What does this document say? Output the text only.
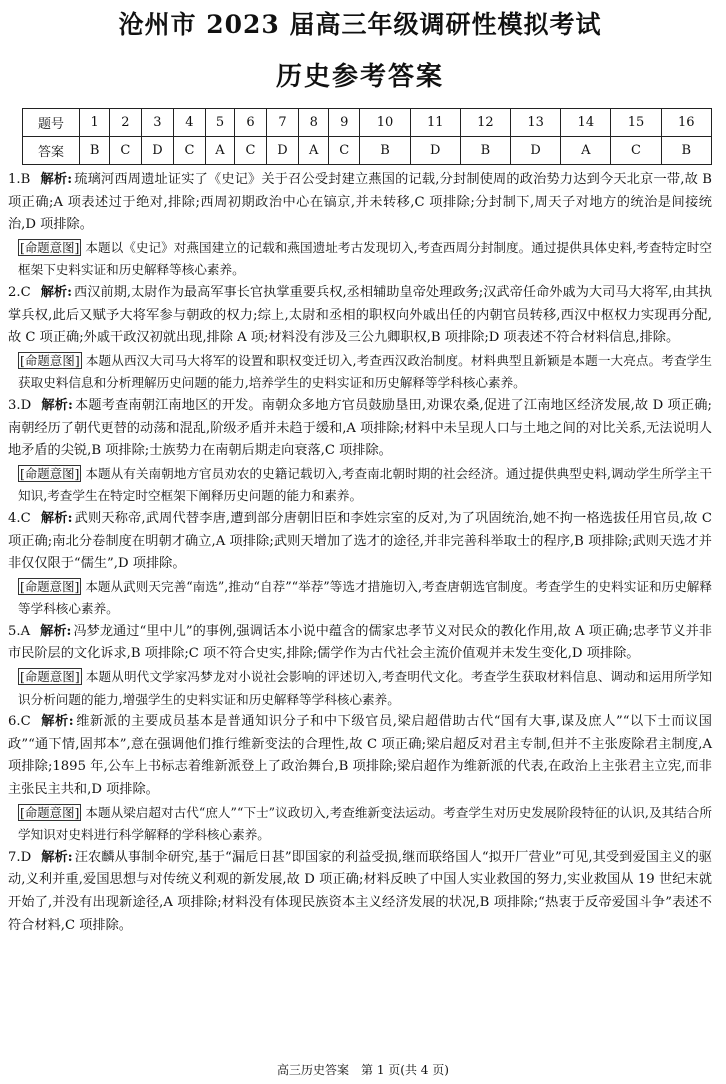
沧州市 2023 届高三年级调研性模拟考试
历史参考答案
题号	1	2	3	4	5	6	7	8	9	10	11	12	13	14	15	16
答案	B	C	D	C	A	C	D	A	C	B	D	B	D	A	C	B

1.B 解析: 琉璃河西周遗址证实了《史记》关于召公受封建立燕国的记载,分封制使周的政治势力达到今天北京一带,故 B 项正确;A 项表述过于绝对,排除;西周初期政治中心在镐京,并未转移,C 项排除;分封制下,周天子对地方的统治是间接统治,D 项排除。

[命题意图] 本题以《史记》对燕国建立的记载和燕国遗址考古发现切入,考查西周分封制度。通过提供具体史料,考查特定时空框架下史料实证和历史解释等核心素养。

2.C 解析: 西汉前期,太尉作为最高军事长官执掌重要兵权,丞相辅助皇帝处理政务;汉武帝任命外戚为大司马大将军,由其执掌兵权,此后又赋予大将军参与朝政的权力;综上,太尉和丞相的职权向外戚出任的内朝官员转移,西汉中枢权力实现再分配,故 C 项正确;外戚干政汉初就出现,排除 A 项;材料没有涉及三公九卿职权,B 项排除;D 项表述不符合材料信息,排除。

[命题意图] 本题从西汉大司马大将军的设置和职权变迁切入,考查西汉政治制度。材料典型且新颖是本题一大亮点。考查学生获取史料信息和分析理解历史问题的能力,培养学生的史料实证和历史解释等学科核心素养。

3.D 解析: 本题考查南朝江南地区的开发。南朝众多地方官员鼓励垦田,劝课农桑,促进了江南地区经济发展,故 D 项正确;南朝经历了朝代更替的动荡和混乱,阶级矛盾并未趋于缓和,A 项排除;材料中未呈现人口与土地之间的对比关系,无法说明人地矛盾的尖锐,B 项排除;士族势力在南朝后期走向衰落,C 项排除。

[命题意图] 本题从有关南朝地方官员劝农的史籍记载切入,考查南北朝时期的社会经济。通过提供典型史料,调动学生所学主干知识,考查学生在特定时空框架下阐释历史问题的能力和素养。

4.C 解析: 武则天称帝,武周代替李唐,遭到部分唐朝旧臣和李姓宗室的反对,为了巩固统治,她不拘一格选拔任用官员,故 C 项正确;南北分卷制度在明朝才确立,A 项排除;武则天增加了选才的途径,并非完善科举取士的程序,B 项排除;武则天选才并非仅仅限于“儒生”,D 项排除。

[命题意图] 本题从武则天完善“南选”,推动“自荐”“举荐”等选才措施切入,考查唐朝选官制度。考查学生的史料实证和历史解释等学科核心素养。

5.A 解析: 冯梦龙通过“里中儿”的事例,强调话本小说中蕴含的儒家忠孝节义对民众的教化作用,故 A 项正确;忠孝节义并非市民阶层的文化诉求,B 项排除;C 项不符合史实,排除;儒学作为古代社会主流价值观并未发生变化,D 项排除。

[命题意图] 本题从明代文学家冯梦龙对小说社会影响的评述切入,考查明代文化。考查学生获取材料信息、调动和运用所学知识分析问题的能力,增强学生的史料实证和历史解释等学科核心素养。

6.C 解析: 维新派的主要成员基本是普通知识分子和中下级官员,梁启超借助古代“国有大事,谋及庶人”“以下士而议国政”“通下情,固邦本”,意在强调他们推行维新变法的合理性,故 C 项正确;梁启超反对君主专制,但并不主张废除君主制度,A 项排除;1895 年,公车上书标志着维新派登上了政治舞台,B 项排除;梁启超作为维新派的代表,在政治上主张君主立宪,而非主张民主共和,D 项排除。

[命题意图] 本题从梁启超对古代“庶人”“下士”议政切入,考查维新变法运动。考查学生对历史发展阶段特征的认识,及其结合所学知识对史料进行科学解释的学科核心素养。

7.D 解析: 汪农麟从事制伞研究,基于“漏卮日甚”即国家的利益受损,继而联络国人“拟开厂营业”可见,其受到爱国主义的驱动,义利并重,爱国思想与对传统义利观的新发展,故 D 项正确;材料反映了中国人实业救国的努力,实业救国从 19 世纪末就开始了,并没有出现新途径,A 项排除;材料没有体现民族资本主义经济发展的状况,B 项排除;“热衷于反帝爱国斗争”表述不符合材料,C 项排除。

高三历史答案　第 1 页(共 4 页)
